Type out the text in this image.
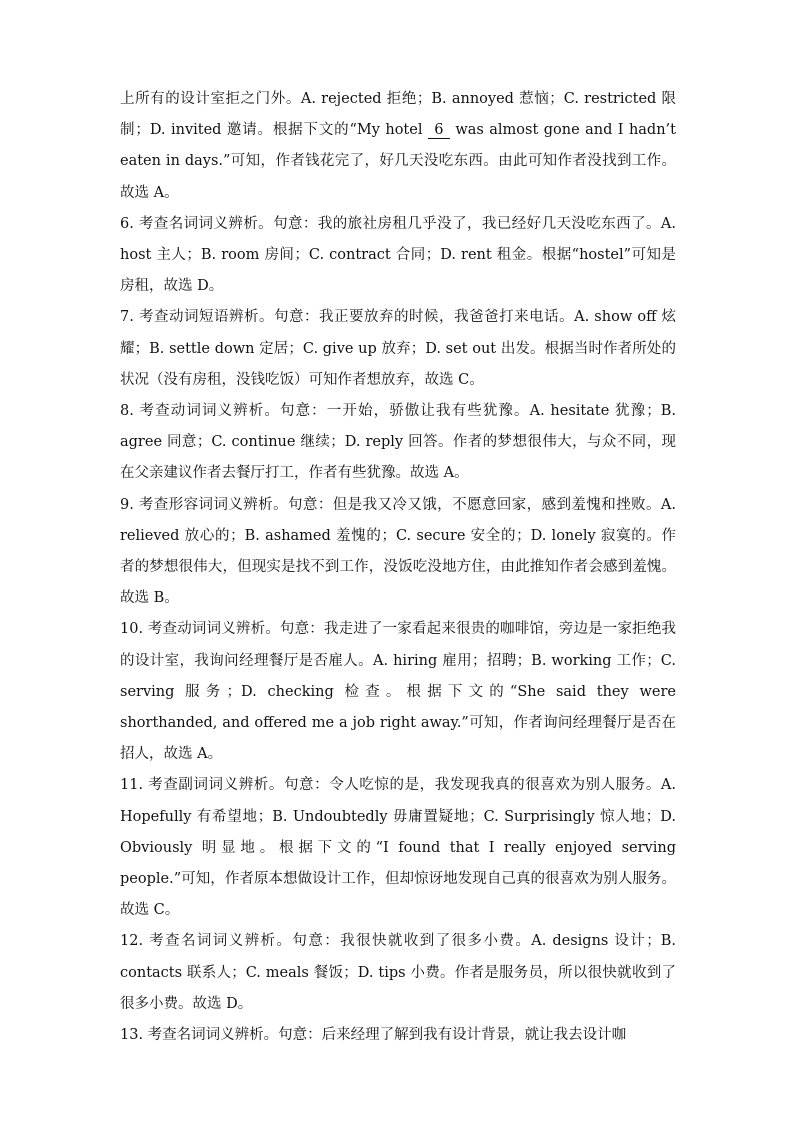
上所有的设计室拒之门外。A. rejected 拒绝；B. annoyed 惹恼；C. restricted 限制；D. invited 邀请。根据下文的“My hotel 6 was almost gone and I hadn’t eaten in days.”可知，作者钱花完了，好几天没吃东西。由此可知作者没找到工作。故选 A。

6. 考查名词词义辨析。句意：我的旅社房租几乎没了，我已经好几天没吃东西了。A. host 主人；B. room 房间；C. contract 合同；D. rent 租金。根据“hostel”可知是房租，故选 D。

7. 考查动词短语辨析。句意：我正要放弃的时候，我爸爸打来电话。A. show off 炫耀；B. settle down 定居；C. give up 放弃；D. set out 出发。根据当时作者所处的状况（没有房租，没钱吃饭）可知作者想放弃，故选 C。

8. 考查动词词义辨析。句意：一开始，骄傲让我有些犹豫。A. hesitate 犹豫；B. agree 同意；C. continue 继续；D. reply 回答。作者的梦想很伟大，与众不同，现在父亲建议作者去餐厅打工，作者有些犹豫。故选 A。

9. 考查形容词词义辨析。句意：但是我又冷又饿，不愿意回家，感到羞愧和挫败。A. relieved 放心的；B. ashamed 羞愧的；C. secure 安全的；D. lonely 寂寞的。作者的梦想很伟大，但现实是找不到工作，没饭吃没地方住，由此推知作者会感到羞愧。故选 B。

10. 考查动词词义辨析。句意：我走进了一家看起来很贵的咖啡馆，旁边是一家拒绝我的设计室，我询问经理餐厅是否雇人。A. hiring 雇用；招聘；B. working 工作；C. serving 服务；D. checking 检查。根据下文的“She said they were shorthanded, and offered me a job right away.”可知，作者询问经理餐厅是否在招人，故选 A。

11. 考查副词词义辨析。句意：令人吃惊的是，我发现我真的很喜欢为别人服务。A. Hopefully 有希望地；B. Undoubtedly 毋庸置疑地；C. Surprisingly 惊人地；D. Obviously 明显地。根据下文的“I found that I really enjoyed serving people.”可知，作者原本想做设计工作，但却惊讶地发现自己真的很喜欢为别人服务。故选 C。

12. 考查名词词义辨析。句意：我很快就收到了很多小费。A. designs 设计；B. contacts 联系人；C. meals 餐饭；D. tips 小费。作者是服务员，所以很快就收到了很多小费。故选 D。

13. 考查名词词义辨析。句意：后来经理了解到我有设计背景，就让我去设计咖
